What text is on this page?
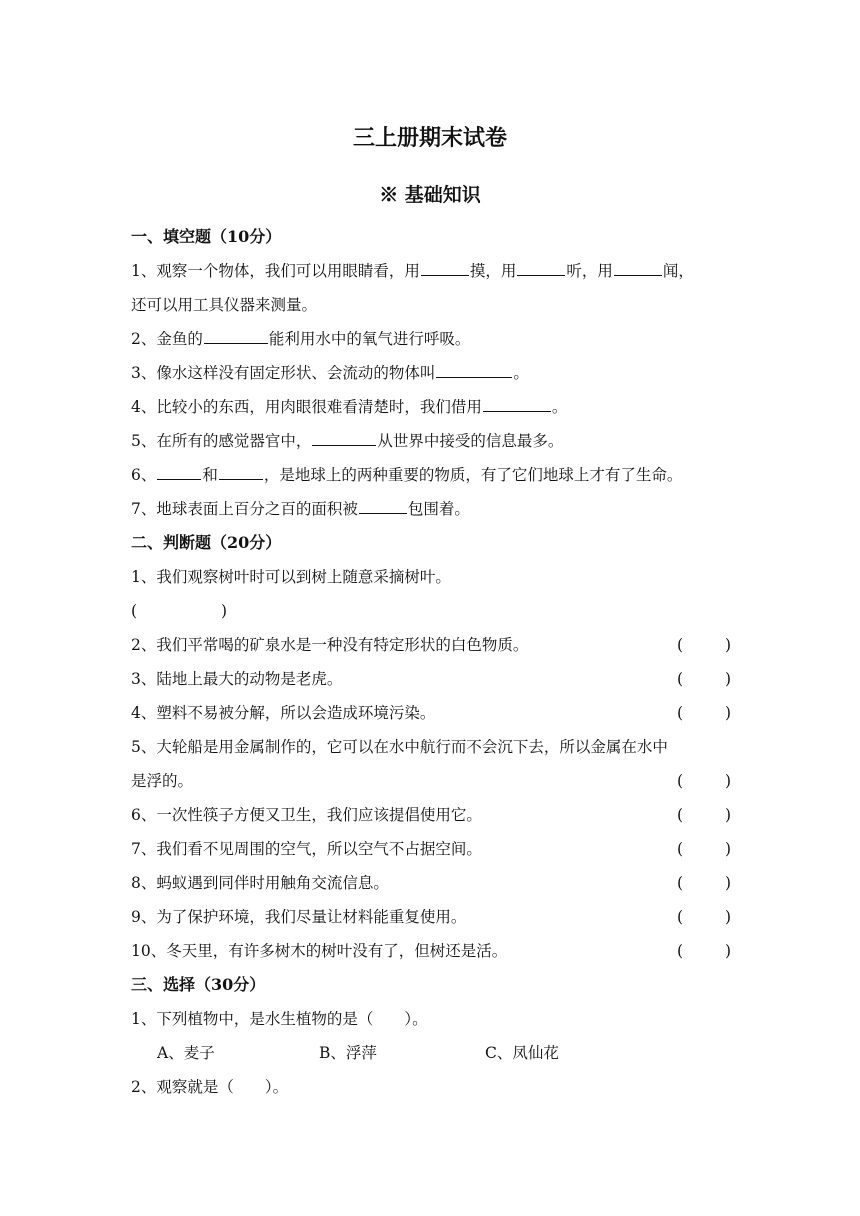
三上册期末试卷
※ 基础知识
一、填空题（10分）
1、观察一个物体，我们可以用眼睛看，用	摸，用	听，用	闻，
还可以用工具仪器来测量。
2、金鱼的	能利用水中的氧气进行呼吸。
3、像水这样没有固定形状、会流动的物体叫	。
4、比较小的东西，用肉眼很难看清楚时，我们借用	。
5、在所有的感觉器官中，	从世界中接受的信息最多。
6、	和	，是地球上的两种重要的物质，有了它们地球上才有了生命。
7、地球表面上百分之百的面积被	包围着。
二、判断题（20分）
1、我们观察树叶时可以到树上随意采摘树叶。
(	)
2、我们平常喝的矿泉水是一种没有特定形状的白色物质。	(	)
3、陆地上最大的动物是老虎。	(	)
4、塑料不易被分解，所以会造成环境污染。	(	)
5、大轮船是用金属制作的，它可以在水中航行而不会沉下去，所以金属在水中
是浮的。	(	)
6、一次性筷子方便又卫生，我们应该提倡使用它。	(	)
7、我们看不见周围的空气，所以空气不占据空间。	(	)
8、蚂蚁遇到同伴时用触角交流信息。	(	)
9、为了保护环境，我们尽量让材料能重复使用。	(	)
10、冬天里，有许多树木的树叶没有了，但树还是活。	(	)
三、选择（30分）
1、下列植物中，是水生植物的是（　　）。
A、麦子	B、浮萍	C、凤仙花
2、观察就是（　　）。
